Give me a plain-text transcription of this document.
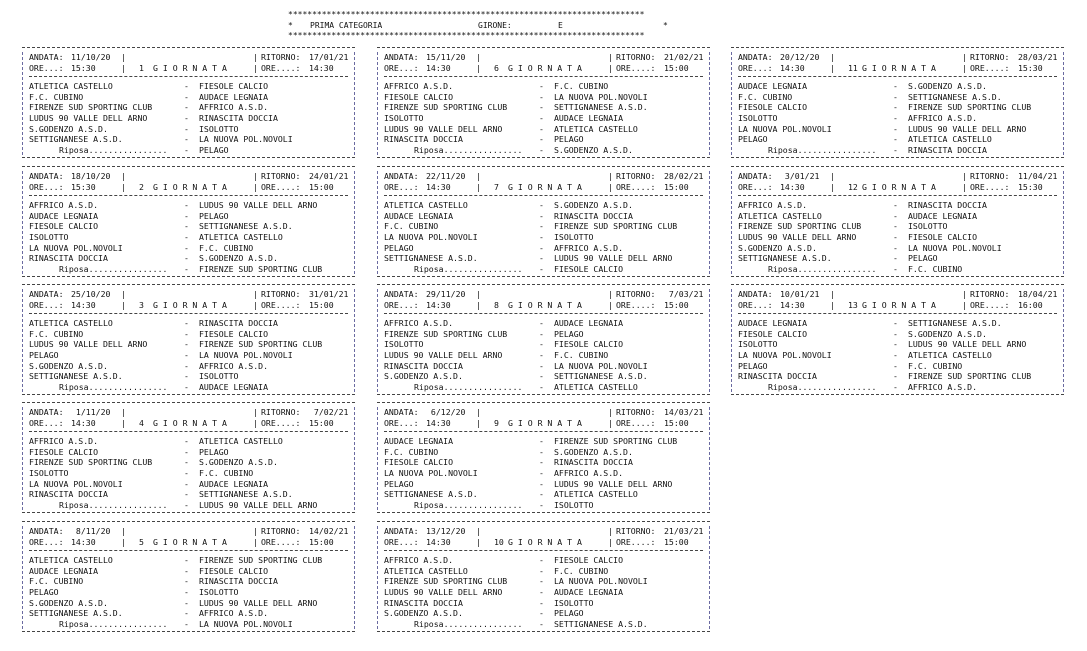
**************************************************************************
* PRIMA CATEGORIA	GIRONE:	E	*
**************************************************************************
ANDATA: 11/10/20 |	| RITORNO: 17/01/21
ORE...: 15:30	| 1 G I O R N A T A	| ORE....: 14:30
ATLETICA CASTELLO	- FIESOLE CALCIO
F.C. CUBINO	- AUDACE LEGNAIA
FIRENZE SUD SPORTING CLUB	- AFFRICO A.S.D.
LUDUS 90 VALLE DELL ARNO	- RINASCITA DOCCIA
S.GODENZO A.S.D.	- ISOLOTTO
SETTIGNANESE A.S.D.	- LA NUOVA POL.NOVOLI
Riposa................ - PELAGO
ANDATA: 18/10/20 |	| RITORNO: 24/01/21
ORE...: 15:30	| 2 G I O R N A T A	| ORE....: 15:00
AFFRICO A.S.D.	- LUDUS 90 VALLE DELL ARNO
AUDACE LEGNAIA	- PELAGO
FIESOLE CALCIO	- SETTIGNANESE A.S.D.
ISOLOTTO	- ATLETICA CASTELLO
LA NUOVA POL.NOVOLI	- F.C. CUBINO
RINASCITA DOCCIA	- S.GODENZO A.S.D.
Riposa................ - FIRENZE SUD SPORTING CLUB
ANDATA: 25/10/20 |	| RITORNO: 31/01/21
ORE...: 14:30	| 3 G I O R N A T A	| ORE....: 15:00
ATLETICA CASTELLO	- RINASCITA DOCCIA
F.C. CUBINO	- FIESOLE CALCIO
LUDUS 90 VALLE DELL ARNO	- FIRENZE SUD SPORTING CLUB
PELAGO	- LA NUOVA POL.NOVOLI
S.GODENZO A.S.D.	- AFFRICO A.S.D.
SETTIGNANESE A.S.D.	- ISOLOTTO
Riposa................ - AUDACE LEGNAIA
ANDATA: 1/11/20 |	| RITORNO: 7/02/21
ORE...: 14:30	| 4 G I O R N A T A	| ORE....: 15:00
AFFRICO A.S.D.	- ATLETICA CASTELLO
FIESOLE CALCIO	- PELAGO
FIRENZE SUD SPORTING CLUB	- S.GODENZO A.S.D.
ISOLOTTO	- F.C. CUBINO
LA NUOVA POL.NOVOLI	- AUDACE LEGNAIA
RINASCITA DOCCIA	- SETTIGNANESE A.S.D.
Riposa................ - LUDUS 90 VALLE DELL ARNO
ANDATA: 8/11/20 |	| RITORNO: 14/02/21
ORE...: 14:30	| 5 G I O R N A T A	| ORE....: 15:00
ATLETICA CASTELLO	- FIRENZE SUD SPORTING CLUB
AUDACE LEGNAIA	- FIESOLE CALCIO
F.C. CUBINO	- RINASCITA DOCCIA
PELAGO	- ISOLOTTO
S.GODENZO A.S.D.	- LUDUS 90 VALLE DELL ARNO
SETTIGNANESE A.S.D.	- AFFRICO A.S.D.
Riposa................ - LA NUOVA POL.NOVOLI
ANDATA: 15/11/20 |	| RITORNO: 21/02/21
ORE...: 14:30	| 6 G I O R N A T A	| ORE....: 15:00
AFFRICO A.S.D.	- F.C. CUBINO
FIESOLE CALCIO	- LA NUOVA POL.NOVOLI
FIRENZE SUD SPORTING CLUB	- SETTIGNANESE A.S.D.
ISOLOTTO	- AUDACE LEGNAIA
LUDUS 90 VALLE DELL ARNO	- ATLETICA CASTELLO
RINASCITA DOCCIA	- PELAGO
Riposa................ - S.GODENZO A.S.D.
ANDATA: 22/11/20 |	| RITORNO: 28/02/21
ORE...: 14:30	| 7 G I O R N A T A	| ORE....: 15:00
ATLETICA CASTELLO	- S.GODENZO A.S.D.
AUDACE LEGNAIA	- RINASCITA DOCCIA
F.C. CUBINO	- FIRENZE SUD SPORTING CLUB
LA NUOVA POL.NOVOLI	- ISOLOTTO
PELAGO	- AFFRICO A.S.D.
SETTIGNANESE A.S.D.	- LUDUS 90 VALLE DELL ARNO
Riposa................ - FIESOLE CALCIO
ANDATA: 29/11/20 |	| RITORNO: 7/03/21
ORE...: 14:30	| 8 G I O R N A T A	| ORE....: 15:00
AFFRICO A.S.D.	- AUDACE LEGNAIA
FIRENZE SUD SPORTING CLUB	- PELAGO
ISOLOTTO	- FIESOLE CALCIO
LUDUS 90 VALLE DELL ARNO	- F.C. CUBINO
RINASCITA DOCCIA	- LA NUOVA POL.NOVOLI
S.GODENZO A.S.D.	- SETTIGNANESE A.S.D.
Riposa................ - ATLETICA CASTELLO
ANDATA: 6/12/20 |	| RITORNO: 14/03/21
ORE...: 14:30	| 9 G I O R N A T A	| ORE....: 15:00
AUDACE LEGNAIA	- FIRENZE SUD SPORTING CLUB
F.C. CUBINO	- S.GODENZO A.S.D.
FIESOLE CALCIO	- RINASCITA DOCCIA
LA NUOVA POL.NOVOLI	- AFFRICO A.S.D.
PELAGO	- LUDUS 90 VALLE DELL ARNO
SETTIGNANESE A.S.D.	- ATLETICA CASTELLO
Riposa................ - ISOLOTTO
ANDATA: 13/12/20 |	| RITORNO: 21/03/21
ORE...: 14:30	| 10 G I O R N A T A	| ORE....: 15:00
AFFRICO A.S.D.	- FIESOLE CALCIO
ATLETICA CASTELLO	- F.C. CUBINO
FIRENZE SUD SPORTING CLUB	- LA NUOVA POL.NOVOLI
LUDUS 90 VALLE DELL ARNO	- AUDACE LEGNAIA
RINASCITA DOCCIA	- ISOLOTTO
S.GODENZO A.S.D.	- PELAGO
Riposa................ - SETTIGNANESE A.S.D.
ANDATA: 20/12/20 |	| RITORNO: 28/03/21
ORE...: 14:30	| 11 G I O R N A T A	| ORE....: 15:30
AUDACE LEGNAIA	- S.GODENZO A.S.D.
F.C. CUBINO	- SETTIGNANESE A.S.D.
FIESOLE CALCIO	- FIRENZE SUD SPORTING CLUB
ISOLOTTO	- AFFRICO A.S.D.
LA NUOVA POL.NOVOLI	- LUDUS 90 VALLE DELL ARNO
PELAGO	- ATLETICA CASTELLO
Riposa................ - RINASCITA DOCCIA
ANDATA: 3/01/21 |	| RITORNO: 11/04/21
ORE...: 14:30	| 12 G I O R N A T A	| ORE....: 15:30
AFFRICO A.S.D.	- RINASCITA DOCCIA
ATLETICA CASTELLO	- AUDACE LEGNAIA
FIRENZE SUD SPORTING CLUB	- ISOLOTTO
LUDUS 90 VALLE DELL ARNO	- FIESOLE CALCIO
S.GODENZO A.S.D.	- LA NUOVA POL.NOVOLI
SETTIGNANESE A.S.D.	- PELAGO
Riposa................ - F.C. CUBINO
ANDATA: 10/01/21 |	| RITORNO: 18/04/21
ORE...: 14:30	| 13 G I O R N A T A	| ORE....: 16:00
AUDACE LEGNAIA	- SETTIGNANESE A.S.D.
FIESOLE CALCIO	- S.GODENZO A.S.D.
ISOLOTTO	- LUDUS 90 VALLE DELL ARNO
LA NUOVA POL.NOVOLI	- ATLETICA CASTELLO
PELAGO	- F.C. CUBINO
RINASCITA DOCCIA	- FIRENZE SUD SPORTING CLUB
Riposa................ - AFFRICO A.S.D.
